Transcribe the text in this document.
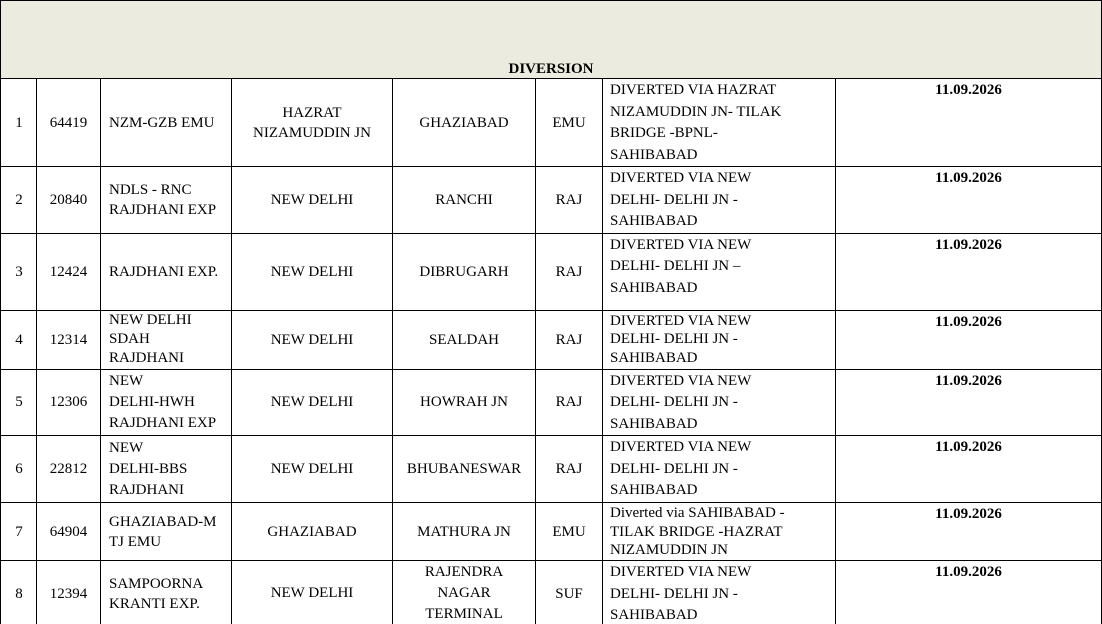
DIVERSION							
1	64419	NZM-GZB EMU	HAZRAT
NIZAMUDDIN JN	GHAZIABAD	EMU	DIVERTED VIA HAZRAT
NIZAMUDDIN JN- TILAK
BRIDGE -BPNL-
SAHIBABAD	11.09.2026
2	20840	NDLS - RNC
RAJDHANI EXP	NEW DELHI	RANCHI	RAJ	DIVERTED VIA NEW
DELHI- DELHI JN -
SAHIBABAD	11.09.2026
3	12424	RAJDHANI EXP.	NEW DELHI	DIBRUGARH	RAJ	DIVERTED VIA NEW
DELHI- DELHI JN –
SAHIBABAD	11.09.2026
4	12314	NEW DELHI
SDAH
RAJDHANI	NEW DELHI	SEALDAH	RAJ	DIVERTED VIA NEW
DELHI- DELHI JN -
SAHIBABAD	11.09.2026
5	12306	NEW
DELHI-HWH
RAJDHANI EXP	NEW DELHI	HOWRAH JN	RAJ	DIVERTED VIA NEW
DELHI- DELHI JN -
SAHIBABAD	11.09.2026
6	22812	NEW
DELHI-BBS
RAJDHANI	NEW DELHI	BHUBANESWAR	RAJ	DIVERTED VIA NEW
DELHI- DELHI JN -
SAHIBABAD	11.09.2026
7	64904	GHAZIABAD-M
TJ EMU	GHAZIABAD	MATHURA JN	EMU	Diverted via SAHIBABAD -
TILAK BRIDGE -HAZRAT
NIZAMUDDIN JN	11.09.2026
8	12394	SAMPOORNA
KRANTI EXP.	NEW DELHI	RAJENDRA
NAGAR
TERMINAL	SUF	DIVERTED VIA NEW
DELHI- DELHI JN -
SAHIBABAD	11.09.2026
